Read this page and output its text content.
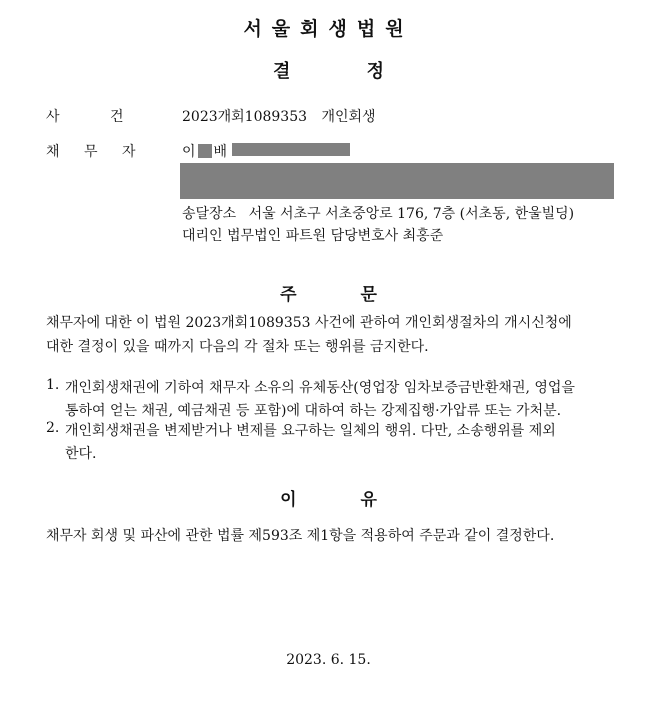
서울회생법원
결	정
사 건	2023개회1089353 개인회생
채 무 자	이 배
송달장소 서울 서초구 서초중앙로 176, 7층 (서초동, 한울빌딩)
대리인 법무법인 파트원 담당변호사 최홍준
주	문
채무자에 대한 이 법원 2023개회1089353 사건에 관하여 개인회생절차의 개시신청에
대한 결정이 있을 때까지 다음의 각 절차 또는 행위를 금지한다.
1. 개인회생채권에 기하여 채무자 소유의 유체동산(영업장 임차보증금반환채권, 영업을
통하여 얻는 채권, 예금채권 등 포함)에 대하여 하는 강제집행·가압류 또는 가처분.
2. 개인회생채권을 변제받거나 변제를 요구하는 일체의 행위. 다만, 소송행위를 제외
한다.
이	유
채무자 회생 및 파산에 관한 법률 제593조 제1항을 적용하여 주문과 같이 결정한다.
2023. 6. 15.
